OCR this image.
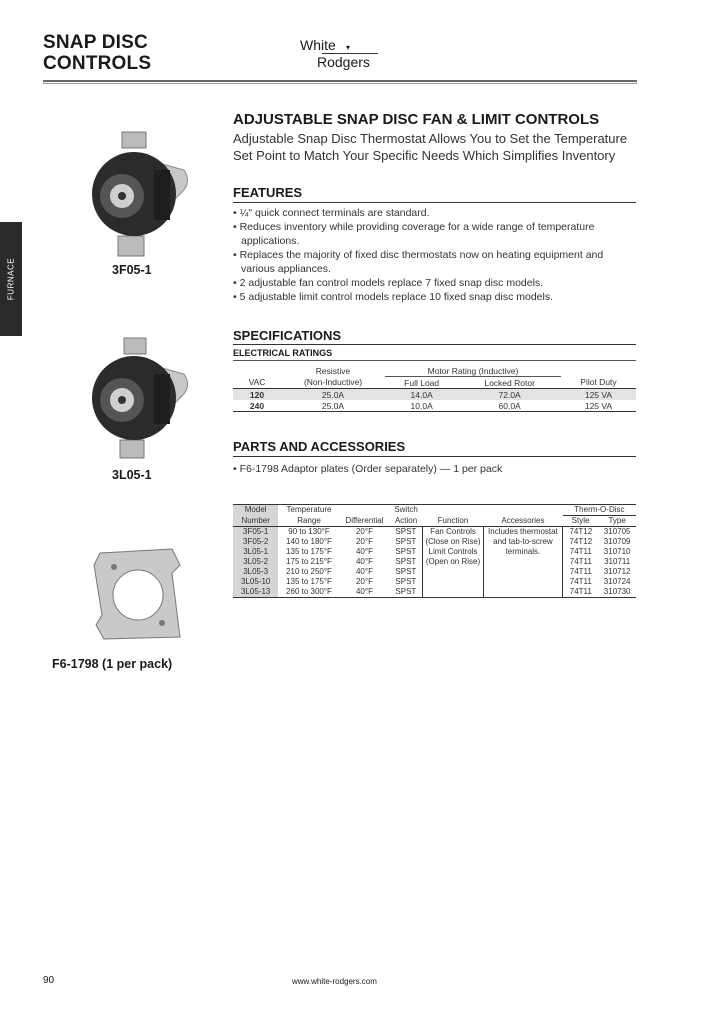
SNAP DISC
CONTROLS
White ▾
Rodgers
FURNACE	3F05-1
3L05-1
F6-1798 (1 per pack)
ADJUSTABLE SNAP DISC FAN & LIMIT CONTROLS
Adjustable Snap Disc Thermostat Allows You to Set the Temperature
Set Point to Match Your Specific Needs Which Simplifies Inventory
FEATURES
• ¼" quick connect terminals are standard.
• Reduces inventory while providing coverage for a wide range of temperature applications.
• Replaces the majority of fixed disc thermostats now on heating equipment and various appliances.
• 2 adjustable fan control models replace 7 fixed snap disc models.
• 5 adjustable limit control models replace 10 fixed snap disc models.
SPECIFICATIONS
ELECTRICAL RATINGS
	Resistive	Motor Rating (Inductive)		
VAC	(Non-Inductive)	Full Load	Locked Rotor	Pilot Duty
120	25.0A	14.0A	72.0A	125 VA
240	25.0A	10.0A	60.0A	125 VA
PARTS AND ACCESSORIES
• F6-1798 Adaptor plates (Order separately) — 1 per pack
Model	Temperature		Switch			Therm-O-Disc	
Number	Range	Differential	Action	Function	Accessories	Style	Type
3F05-1	90 to 130°F	20°F	SPST	Fan Controls	Includes thermostat	74T12	310705
3F05-2	140 to 180°F	20°F	SPST	(Close on Rise)	and tab-to-screw	74T12	310709
3L05-1	135 to 175°F	40°F	SPST	Limit Controls	terminals.	74T11	310710
3L05-2	175 to 215°F	40°F	SPST	(Open on Rise)		74T11	310711
3L05-3	210 to 250°F	40°F	SPST			74T11	310712
3L05-10	135 to 175°F	20°F	SPST			74T11	310724
3L05-13	260 to 300°F	40°F	SPST			74T11	310730
90	www.white-rodgers.com
